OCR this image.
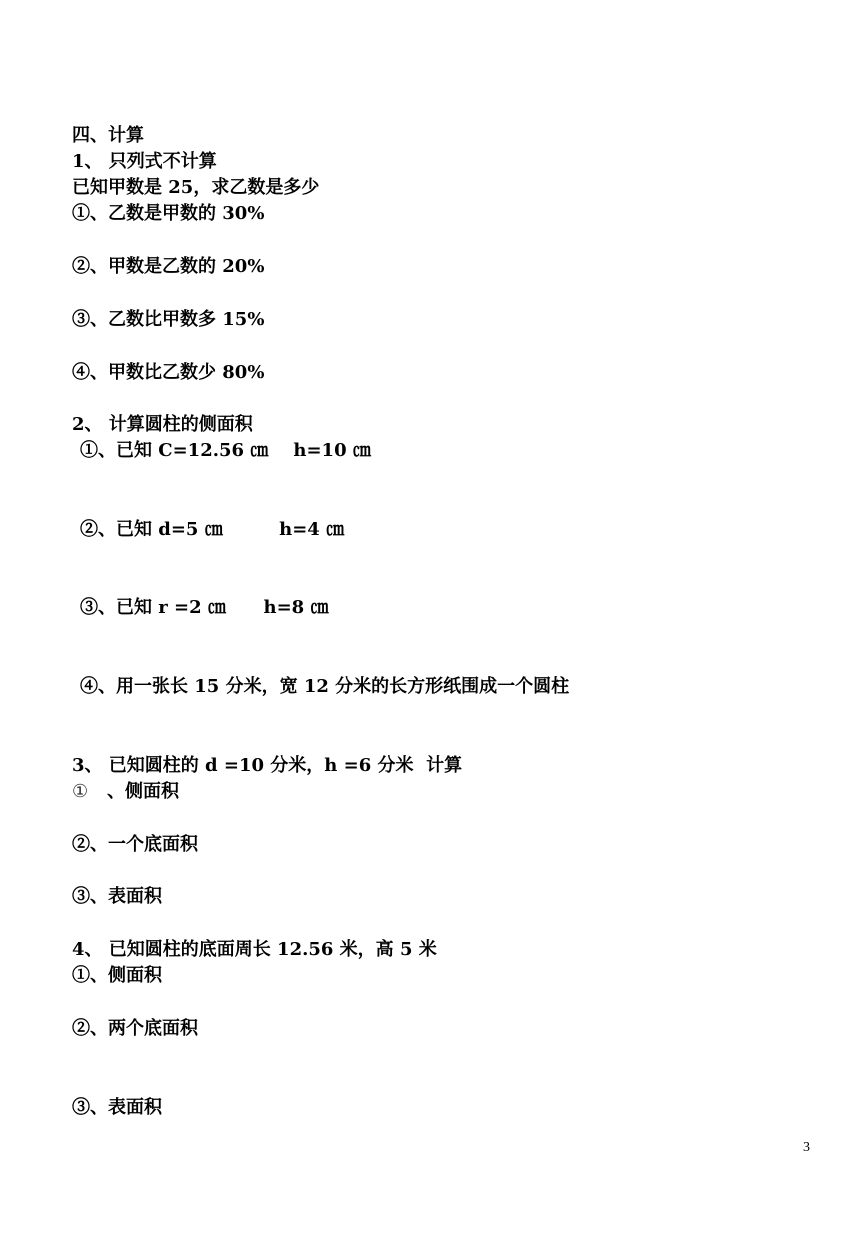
四、计算
1、 只列式不计算
已知甲数是 25，求乙数是多少
①、乙数是甲数的 30%
②、甲数是乙数的 20%
③、乙数比甲数多 15%
④、甲数比乙数少 80%
2、 计算圆柱的侧面积
①、已知 C=12.56 ㎝    h=10 ㎝
②、已知 d=5 ㎝         h=4 ㎝
③、已知 r =2 ㎝      h=8 ㎝
④、用一张长 15 分米，宽 12 分米的长方形纸围成一个圆柱
3、 已知圆柱的 d =10 分米，h =6 分米  计算
① 、侧面积
②、一个底面积
③、表面积
4、 已知圆柱的底面周长 12.56 米，高 5 米
①、侧面积
②、两个底面积
③、表面积
3
